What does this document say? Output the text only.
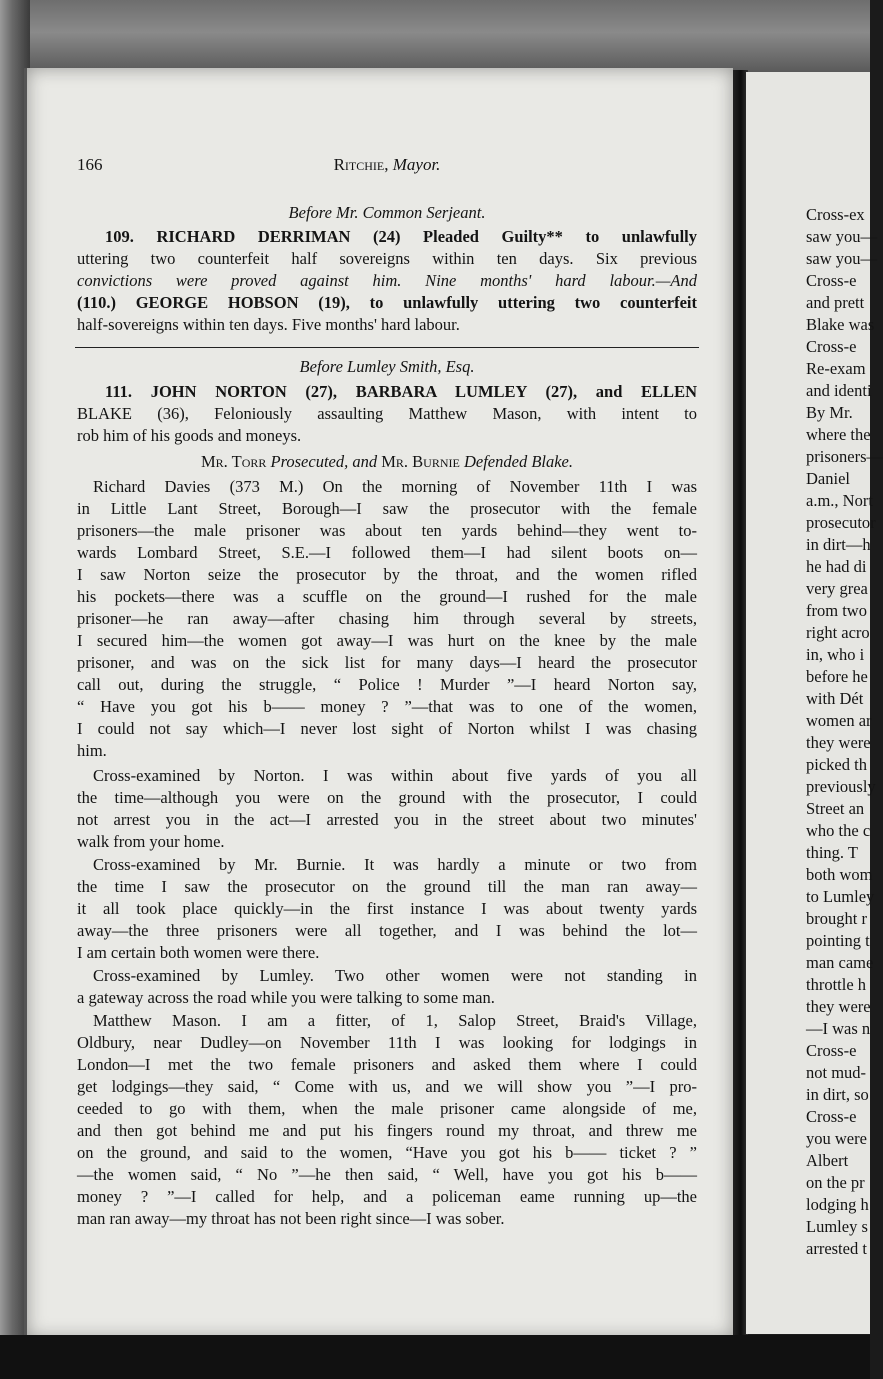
166	Ritchie, Mayor.
Before Mr. Common Serjeant.
109. RICHARD DERRIMAN (24) Pleaded Guilty** to unlawfully
uttering two counterfeit half sovereigns within ten days. Six previous
convictions were proved against him. Nine months' hard labour.—And
(110.) GEORGE HOBSON (19), to unlawfully uttering two counterfeit
half-sovereigns within ten days. Five months' hard labour.
Before Lumley Smith, Esq.
111. JOHN NORTON (27), BARBARA LUMLEY (27), and ELLEN
BLAKE (36), Feloniously assaulting Matthew Mason, with intent to
rob him of his goods and moneys.
Mr. Torr Prosecuted, and Mr. Burnie Defended Blake.
Richard Davies (373 M.) On the morning of November 11th I was
in Little Lant Street, Borough—I saw the prosecutor with the female
prisoners—the male prisoner was about ten yards behind—they went to-
wards Lombard Street, S.E.—I followed them—I had silent boots on—
I saw Norton seize the prosecutor by the throat, and the women rifled
his pockets—there was a scuffle on the ground—I rushed for the male
prisoner—he ran away—after chasing him through several by streets,
I secured him—the women got away—I was hurt on the knee by the male
prisoner, and was on the sick list for many days—I heard the prosecutor
call out, during the struggle, “ Police ! Murder ”—I heard Norton say,
“ Have you got his b—— money ? ”—that was to one of the women,
I could not say which—I never lost sight of Norton whilst I was chasing
him.
Cross-examined by Norton. I was within about five yards of you all
the time—although you were on the ground with the prosecutor, I could
not arrest you in the act—I arrested you in the street about two minutes'
walk from your home.
Cross-examined by Mr. Burnie. It was hardly a minute or two from
the time I saw the prosecutor on the ground till the man ran away—
it all took place quickly—in the first instance I was about twenty yards
away—the three prisoners were all together, and I was behind the lot—
I am certain both women were there.
Cross-examined by Lumley. Two other women were not standing in
a gateway across the road while you were talking to some man.
Matthew Mason. I am a fitter, of 1, Salop Street, Braid's Village,
Oldbury, near Dudley—on November 11th I was looking for lodgings in
London—I met the two female prisoners and asked them where I could
get lodgings—they said, “ Come with us, and we will show you ”—I pro-
ceeded to go with them, when the male prisoner came alongside of me,
and then got behind me and put his fingers round my throat, and threw me
on the ground, and said to the women, “Have you got his b—— ticket ? ”
—the women said, “ No ”—he then said, “ Well, have you got his b——
money ? ”—I called for help, and a policeman eame running up—the
man ran away—my throat has not been right since—I was sober.
Cross-ex
saw you—
saw you—
Cross-e
and prett
Blake was
Cross-e
Re-exam
and identi
By Mr.
where the
prisoners—
Daniel
a.m., Nort
prosecutor
in dirt—h
he had di
very grea
from two
right acro
in, who i
before he
with Dét
women ar
they were
picked th
previously
Street an
who the c
thing. T
both wom
to Lumley
brought r
pointing t
man came
throttle h
they were
—I was n
Cross-e
not mud-
in dirt, so
Cross-e
you were
Albert
on the pr
lodging h
Lumley s
arrested t
